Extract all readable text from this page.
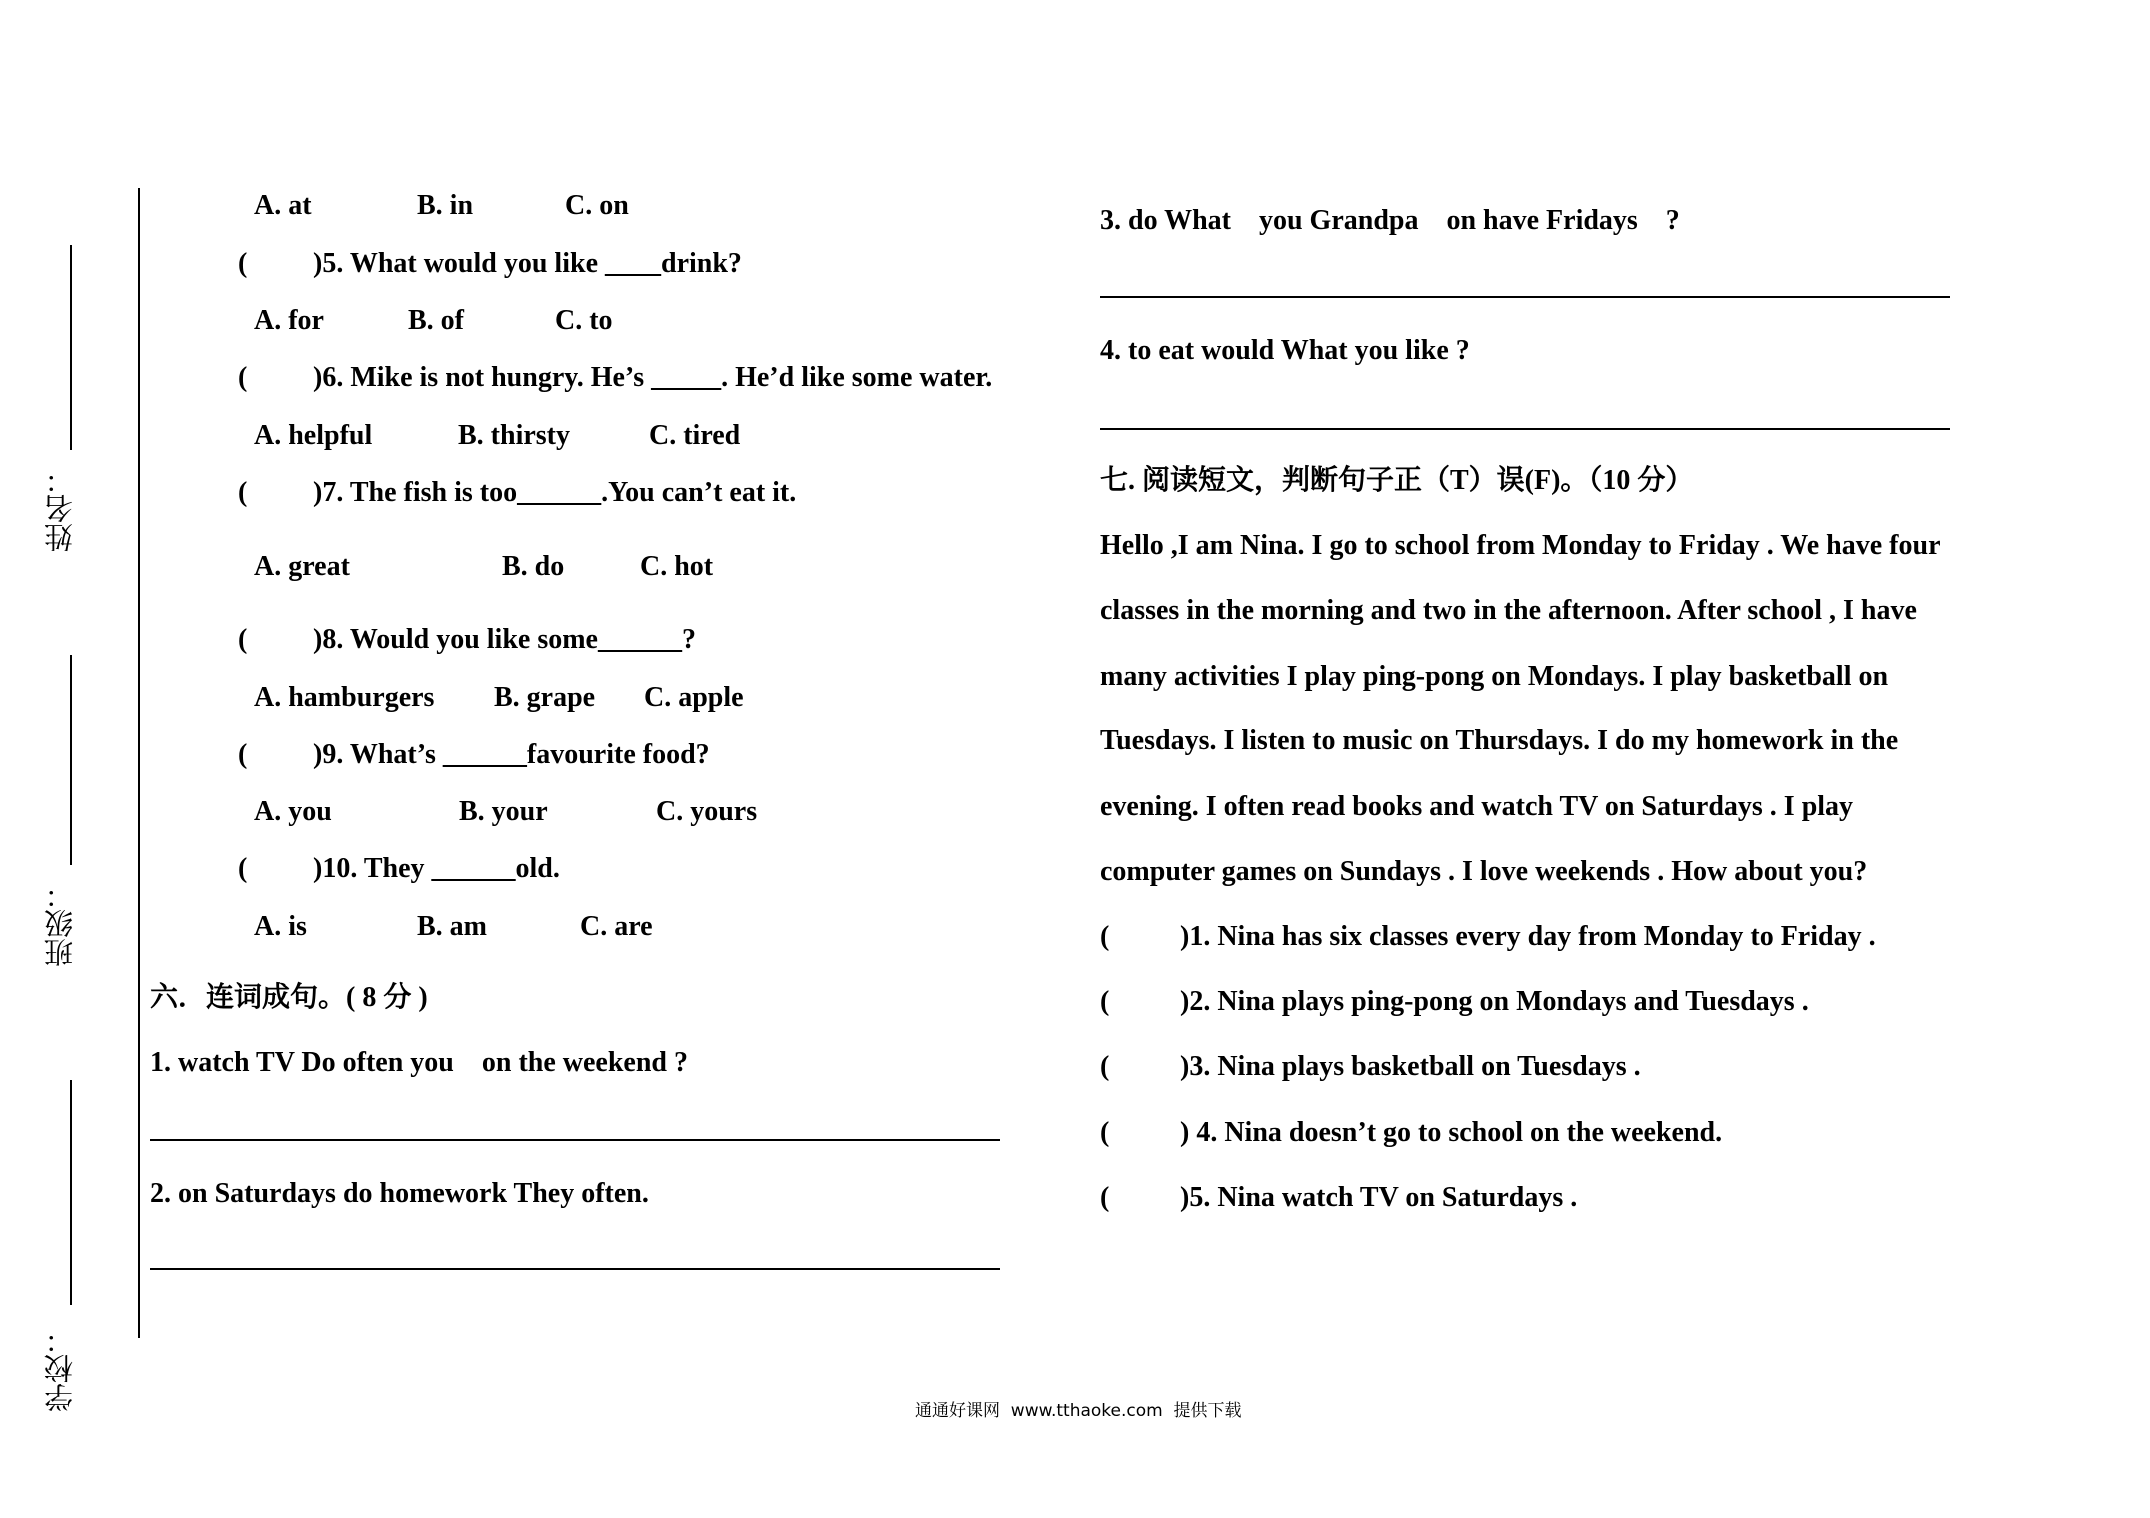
姓名：
班级：
学校：
A. at	B. in	C. on
( )5. What would you like ____drink?
A. for	B. of	C. to
( )6. Mike is not hungry. He’s _____. He’d like some water.
A. helpful	B. thirsty	C. tired
( )7. The fish is too______.You can’t eat it.
A. great	B. do	C. hot
( )8. Would you like some______?
A. hamburgers B. grape C. apple
( )9. What’s ______favourite food?
A. you	B. your	C. yours
( )10. They ______old.
A. is	B. am	C. are
六．连词成句。( 8 分 )
1. watch TV Do often you    on the weekend ?
2. on Saturdays do homework They often.
3. do What    you Grandpa    on have Fridays    ?
4. to eat would What you like ?
七. 阅读短文，判断句子正（T）误(F)。（10 分）
Hello ,I am Nina. I go to school from Monday to Friday . We have four
classes in the morning and two in the afternoon. After school , I have
many activities I play ping-pong on Mondays. I play basketball on
Tuesdays. I listen to music on Thursdays. I do my homework in the
evening. I often read books and watch TV on Saturdays . I play
computer games on Sundays . I love weekends . How about you?
(	)1. Nina has six classes every day from Monday to Friday .
(	)2. Nina plays ping-pong on Mondays and Tuesdays .
(	)3. Nina plays basketball on Tuesdays .
(	) 4. Nina doesn’t go to school on the weekend.
(	)5. Nina watch TV on Saturdays .
通通好课网  www.tthaoke.com  提供下载
